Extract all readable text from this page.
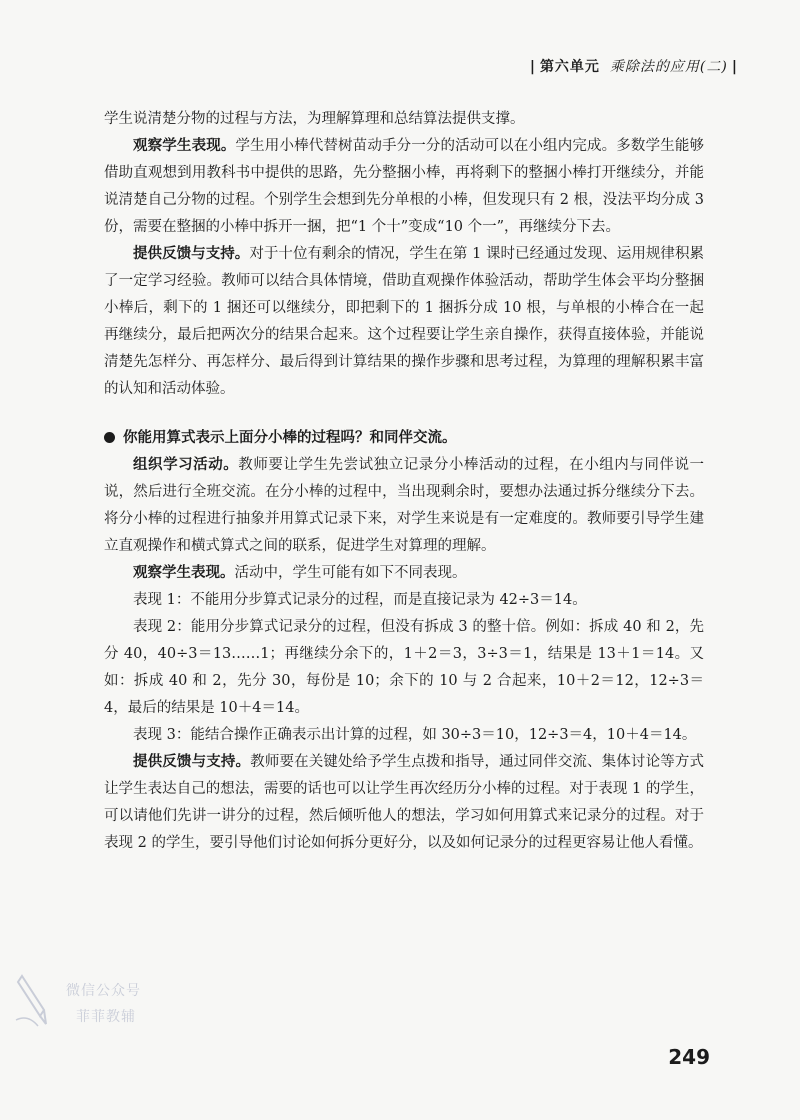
| 第六单元 乘除法的应用(二) |

学生说清楚分物的过程与方法，为理解算理和总结算法提供支撑。

观察学生表现。学生用小棒代替树苗动手分一分的活动可以在小组内完成。多数学生能够借助直观想到用教科书中提供的思路，先分整捆小棒，再将剩下的整捆小棒打开继续分，并能说清楚自己分物的过程。个别学生会想到先分单根的小棒，但发现只有 2 根，没法平均分成 3 份，需要在整捆的小棒中拆开一捆，把“1 个十”变成“10 个一”，再继续分下去。

提供反馈与支持。对于十位有剩余的情况，学生在第 1 课时已经通过发现、运用规律积累了一定学习经验。教师可以结合具体情境，借助直观操作体验活动，帮助学生体会平均分整捆小棒后，剩下的 1 捆还可以继续分，即把剩下的 1 捆拆分成 10 根，与单根的小棒合在一起再继续分，最后把两次分的结果合起来。这个过程要让学生亲自操作，获得直接体验，并能说清楚先怎样分、再怎样分、最后得到计算结果的操作步骤和思考过程，为算理的理解积累丰富的认知和活动体验。

你能用算式表示上面分小棒的过程吗？和同伴交流。

组织学习活动。教师要让学生先尝试独立记录分小棒活动的过程，在小组内与同伴说一说，然后进行全班交流。在分小棒的过程中，当出现剩余时，要想办法通过拆分继续分下去。将分小棒的过程进行抽象并用算式记录下来，对学生来说是有一定难度的。教师要引导学生建立直观操作和横式算式之间的联系，促进学生对算理的理解。

观察学生表现。活动中，学生可能有如下不同表现。

表现 1：不能用分步算式记录分的过程，而是直接记录为 42÷3＝14。

表现 2：能用分步算式记录分的过程，但没有拆成 3 的整十倍。例如：拆成 40 和 2，先分 40，40÷3＝13……1；再继续分余下的，1＋2＝3，3÷3＝1，结果是 13＋1＝14。又如：拆成 40 和 2，先分 30，每份是 10；余下的 10 与 2 合起来，10＋2＝12，12÷3＝4，最后的结果是 10＋4＝14。

表现 3：能结合操作正确表示出计算的过程，如 30÷3＝10，12÷3＝4，10＋4＝14。

提供反馈与支持。教师要在关键处给予学生点拨和指导，通过同伴交流、集体讨论等方式让学生表达自己的想法，需要的话也可以让学生再次经历分小棒的过程。对于表现 1 的学生，可以请他们先讲一讲分的过程，然后倾听他人的想法，学习如何用算式来记录分的过程。对于表现 2 的学生，要引导他们讨论如何拆分更好分，以及如何记录分的过程更容易让他人看懂。

微信公众号
菲菲教辅
249
